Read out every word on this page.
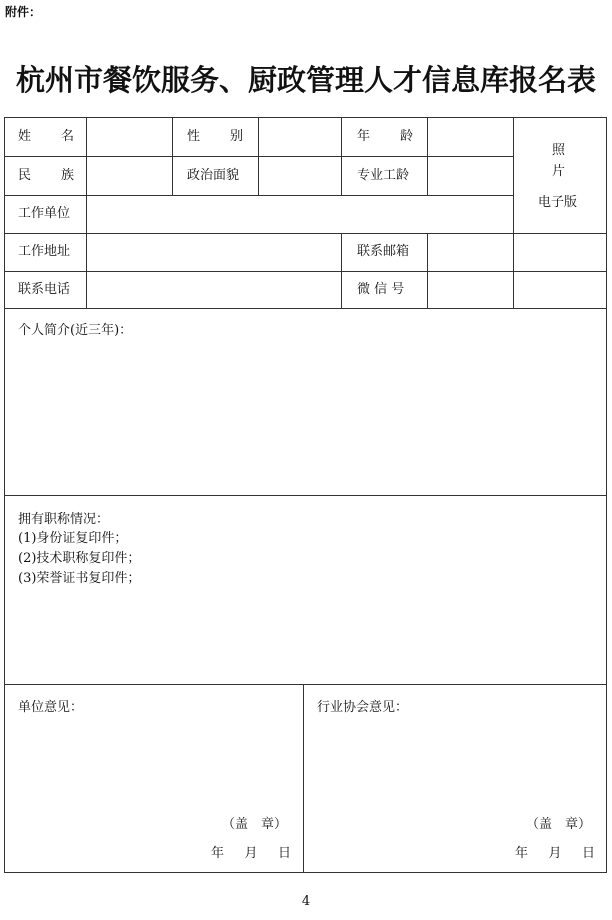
附件：
杭州市餐饮服务、厨政管理人才信息库报名表
姓 名	性 别	年 龄
照
片
电子版
民 族	政治面貌	专业工龄
工作单位
工作地址	联系邮箱
联系电话	微 信 号
个人简介(近三年)：
拥有职称情况：
(1)身份证复印件；
(2)技术职称复印件；
(3)荣誉证书复印件；
单位意见：
（盖　章）
年 月 日
行业协会意见：
（盖　章）
年 月 日
4
